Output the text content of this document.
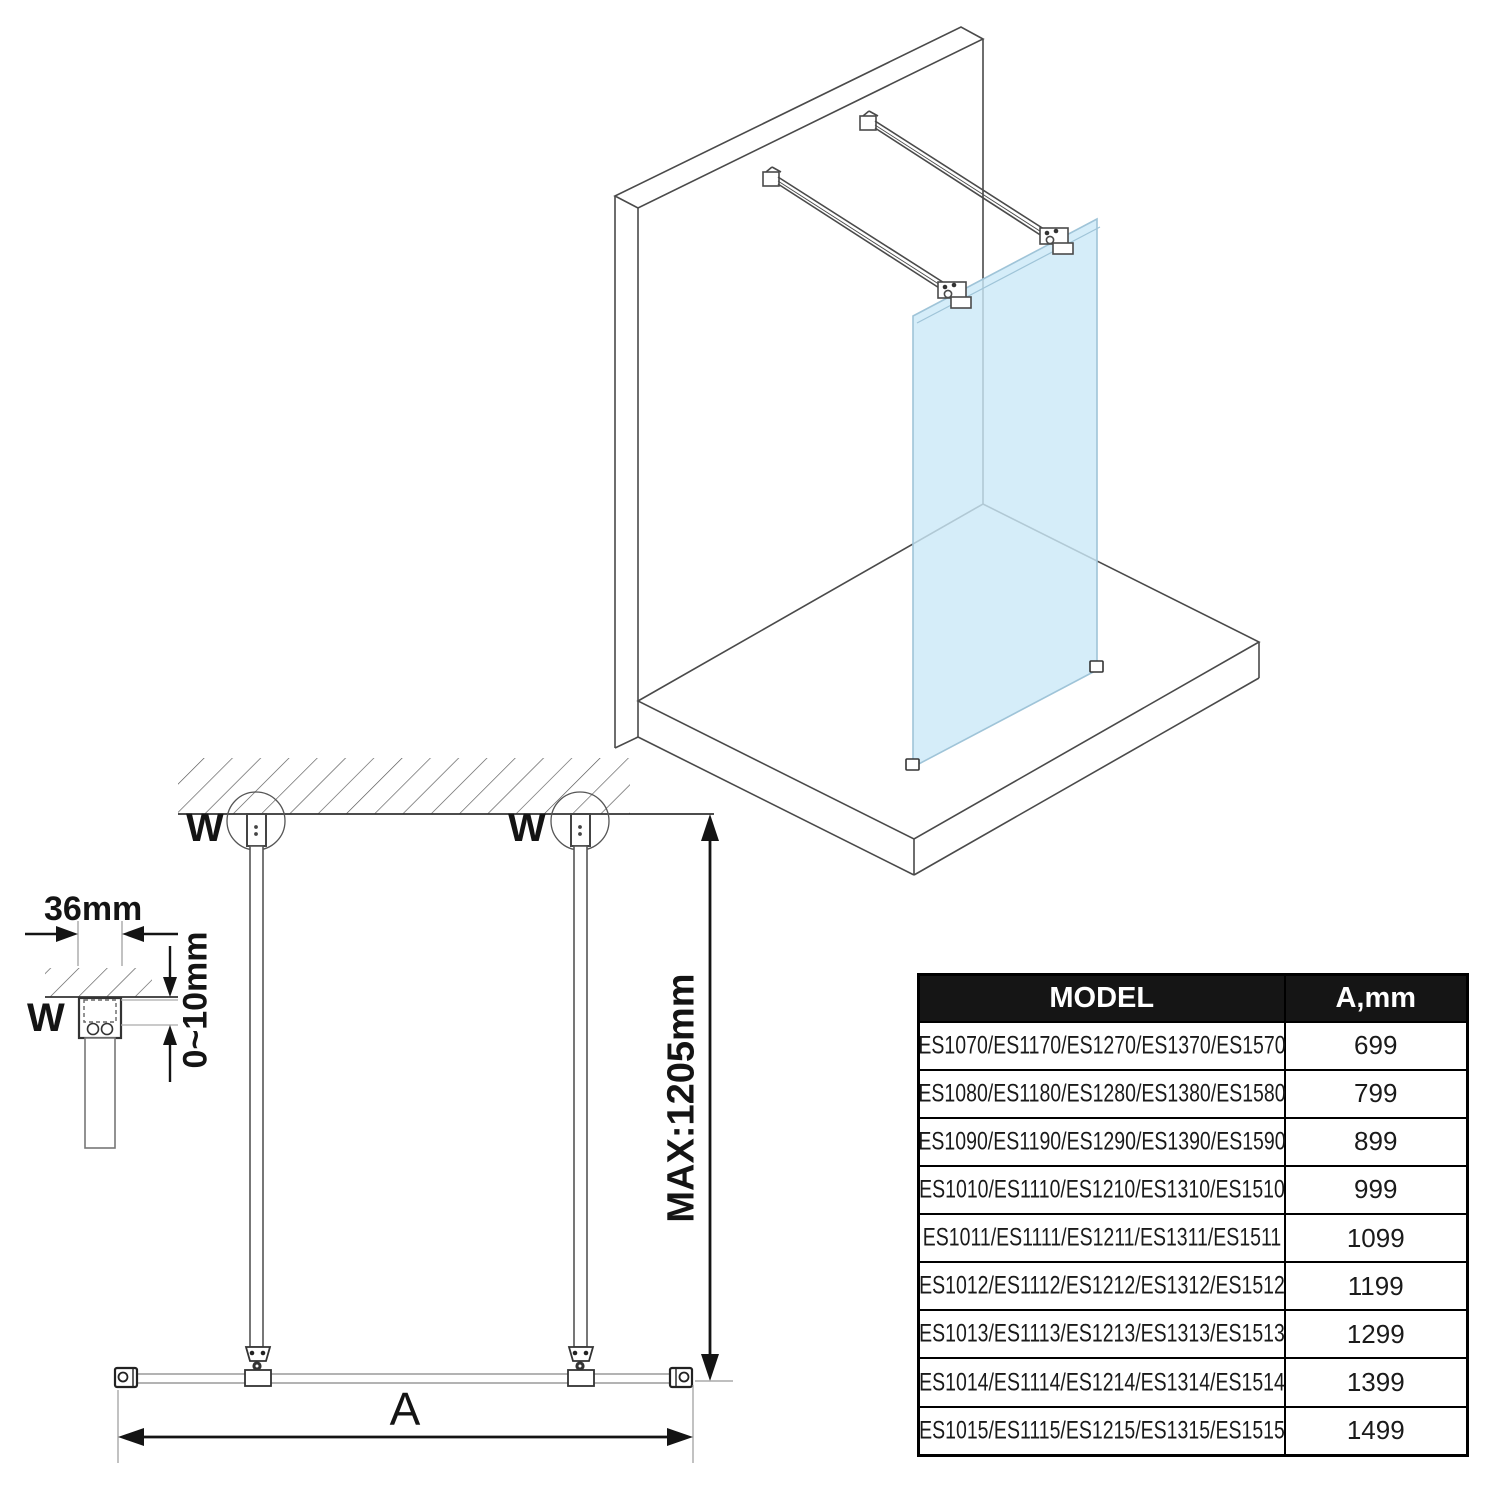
W	W
W
36mm
0~10mm	MAX:1205mm
A
MODEL	A,mm

ES1070/ES1170/ES1270/ES1370/ES1570	699

ES1080/ES1180/ES1280/ES1380/ES1580	799

ES1090/ES1190/ES1290/ES1390/ES1590	899

ES1010/ES1110/ES1210/ES1310/ES1510	999

ES1011/ES1111/ES1211/ES1311/ES1511	1099

ES1012/ES1112/ES1212/ES1312/ES1512	1199

ES1013/ES1113/ES1213/ES1313/ES1513	1299

ES1014/ES1114/ES1214/ES1314/ES1514	1399

ES1015/ES1115/ES1215/ES1315/ES1515	1499
